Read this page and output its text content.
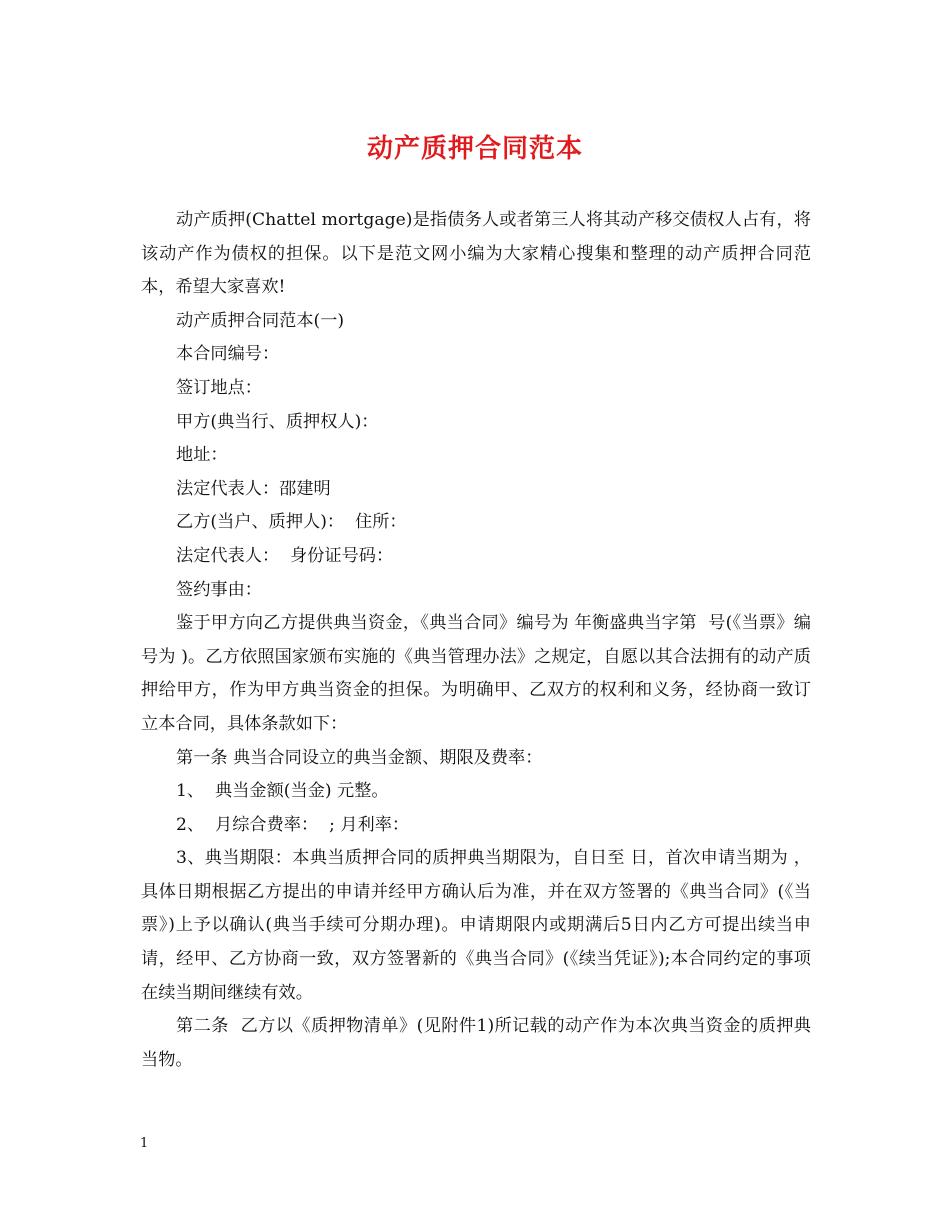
动产质押合同范本

动产质押(Chattel mortgage)是指债务人或者第三人将其动产移交债权人占有，将该动产作为债权的担保。以下是范文网小编为大家精心搜集和整理的动产质押合同范本，希望大家喜欢!

动产质押合同范本(一)

本合同编号：

签订地点：

甲方(典当行、质押权人)：

地址：

法定代表人：邵建明

乙方(当户、质押人)：  住所：

法定代表人：  身份证号码：

签约事由：

鉴于甲方向乙方提供典当资金，《典当合同》编号为 年衡盛典当字第  号(《当票》编号为 )。乙方依照国家颁布实施的《典当管理办法》之规定，自愿以其合法拥有的动产质押给甲方，作为甲方典当资金的担保。为明确甲、乙双方的权利和义务，经协商一致订立本合同，具体条款如下：

第一条 典当合同设立的典当金额、期限及费率：

1、  典当金额(当金) 元整。

2、  月综合费率：  ; 月利率：

3、典当期限：本典当质押合同的质押典当期限为，自日至 日，首次申请当期为 ，具体日期根据乙方提出的申请并经甲方确认后为准，并在双方签署的《典当合同》(《当票》)上予以确认(典当手续可分期办理)。申请期限内或期满后5日内乙方可提出续当申请，经甲、乙方协商一致，双方签署新的《典当合同》(《续当凭证》);本合同约定的事项在续当期间继续有效。

第二条  乙方以《质押物清单》(见附件1)所记载的动产作为本次典当资金的质押典当物。

1
